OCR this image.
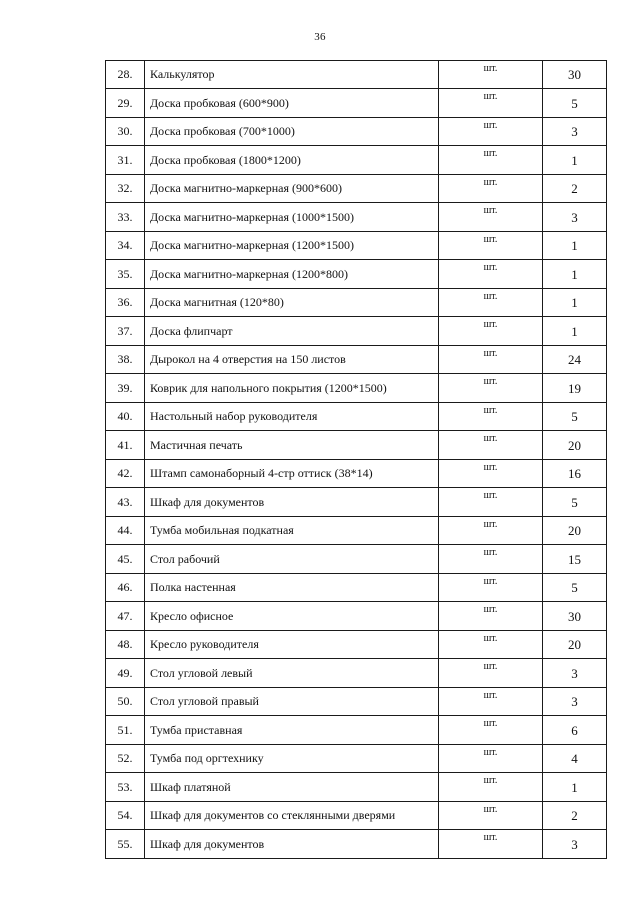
36
28.	Калькулятор	шт.	30
29.	Доска пробковая (600*900)	шт.	5
30.	Доска пробковая (700*1000)	шт.	3
31.	Доска пробковая (1800*1200)	шт.	1
32.	Доска магнитно-маркерная (900*600)	шт.	2
33.	Доска магнитно-маркерная (1000*1500)	шт.	3
34.	Доска магнитно-маркерная (1200*1500)	шт.	1
35.	Доска магнитно-маркерная (1200*800)	шт.	1
36.	Доска магнитная (120*80)	шт.	1
37.	Доска флипчарт	шт.	1
38.	Дырокол на 4 отверстия на 150 листов	шт.	24
39.	Коврик для напольного покрытия (1200*1500)	шт.	19
40.	Настольный набор руководителя	шт.	5
41.	Мастичная печать	шт.	20
42.	Штамп самонаборный 4-стр оттиск (38*14)	шт.	16
43.	Шкаф для документов	шт.	5
44.	Тумба мобильная подкатная	шт.	20
45.	Стол рабочий	шт.	15
46.	Полка настенная	шт.	5
47.	Кресло офисное	шт.	30
48.	Кресло руководителя	шт.	20
49.	Стол угловой левый	шт.	3
50.	Стол угловой правый	шт.	3
51.	Тумба приставная	шт.	6
52.	Тумба под оргтехнику	шт.	4
53.	Шкаф платяной	шт.	1
54.	Шкаф для документов со стеклянными дверями	шт.	2
55.	Шкаф для документов	шт.	3
